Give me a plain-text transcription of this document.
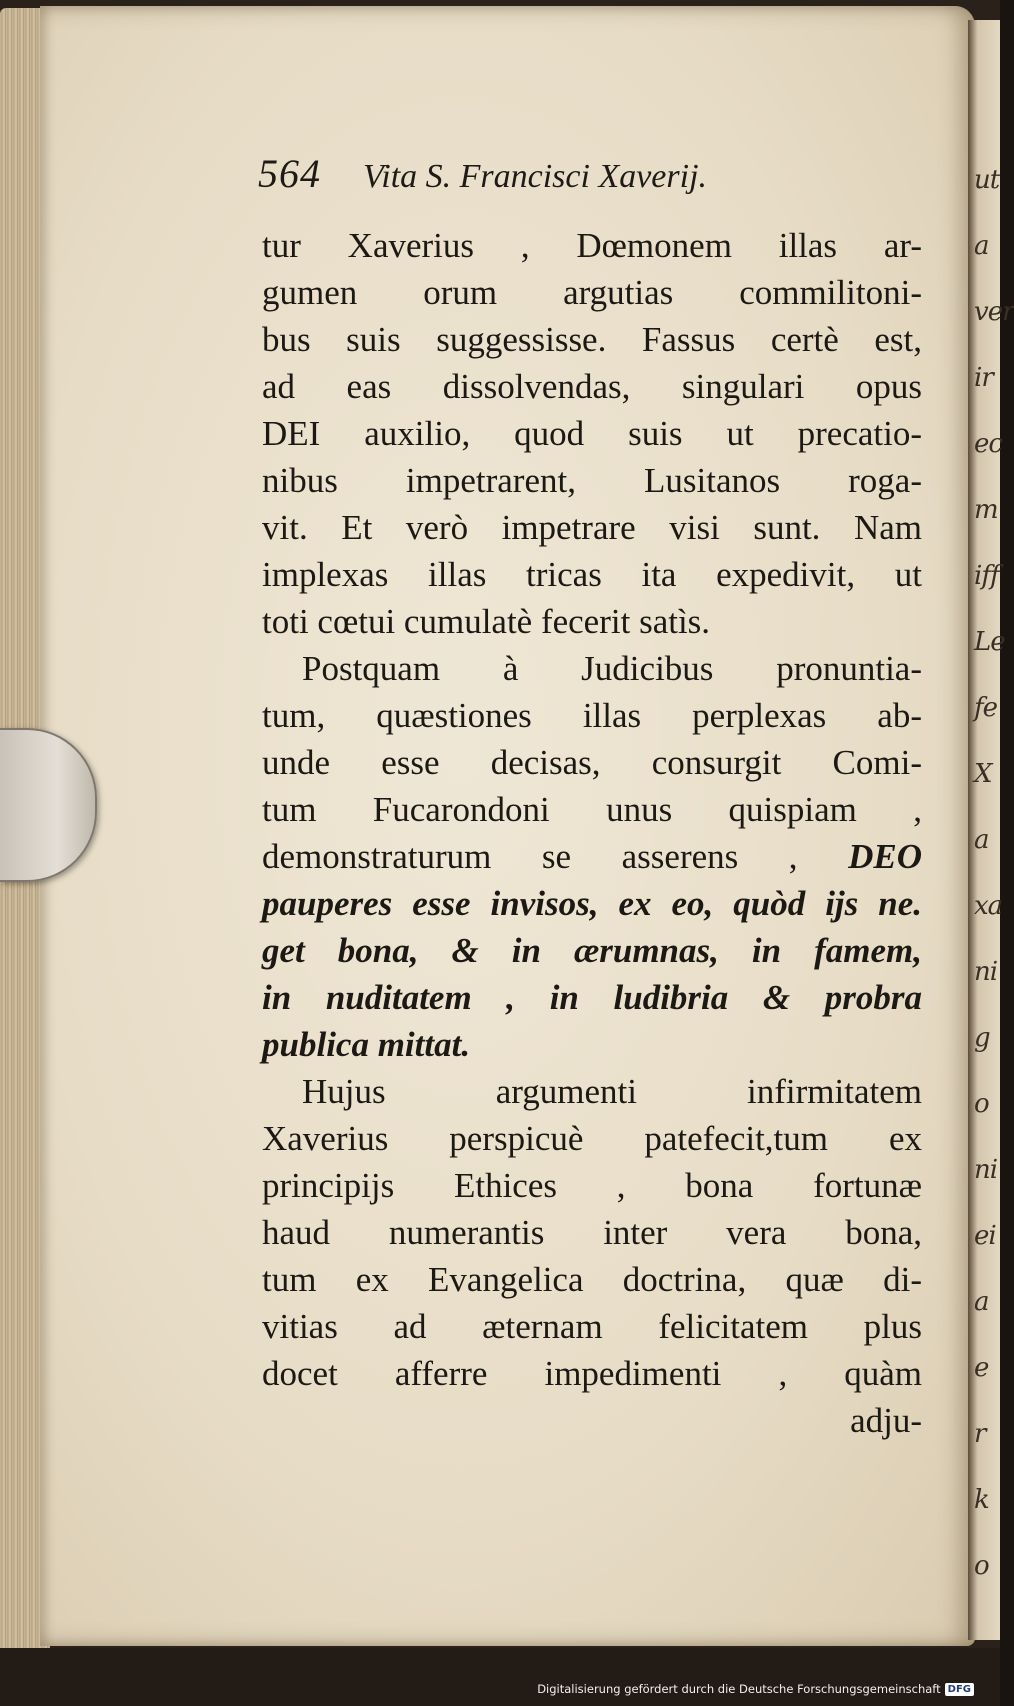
ut
a
ver
ir
ec
m
iff
Le
fe
X
a
xa
ni
g
o
ni
ei
a
e
r
k
o
564 Vita S. Francisci Xaverij.
tur Xaverius , Dœmonem illas ar-
gumen orum argutias commilitoni-
bus suis suggessisse. Fassus certè est,
ad eas dissolvendas, singulari opus
DEI auxilio, quod suis ut precatio-
nibus impetrarent, Lusitanos roga-
vit. Et verò impetrare visi sunt. Nam
implexas illas tricas ita expedivit, ut
toti cœtui cumulatè fecerit satìs.
Postquam à Judicibus pronuntia-
tum, quæstiones illas perplexas ab-
unde esse decisas, consurgit Comi-
tum Fucarondoni unus quispiam ,
demonstraturum se asserens , DEO
pauperes esse invisos, ex eo, quòd ijs ne.
get bona, & in ærumnas, in famem,
in nuditatem , in ludibria & probra
publica mittat.
Hujus argumenti infirmitatem
Xaverius perspicuè patefecit,tum ex
principijs Ethices , bona fortunæ
haud numerantis inter vera bona,
tum ex Evangelica doctrina, quæ di-
vitias ad æternam felicitatem plus
docet afferre impedimenti , quàm
adju-
Digitalisierung gefördert durch die Deutsche Forschungsgemeinschaft DFG
